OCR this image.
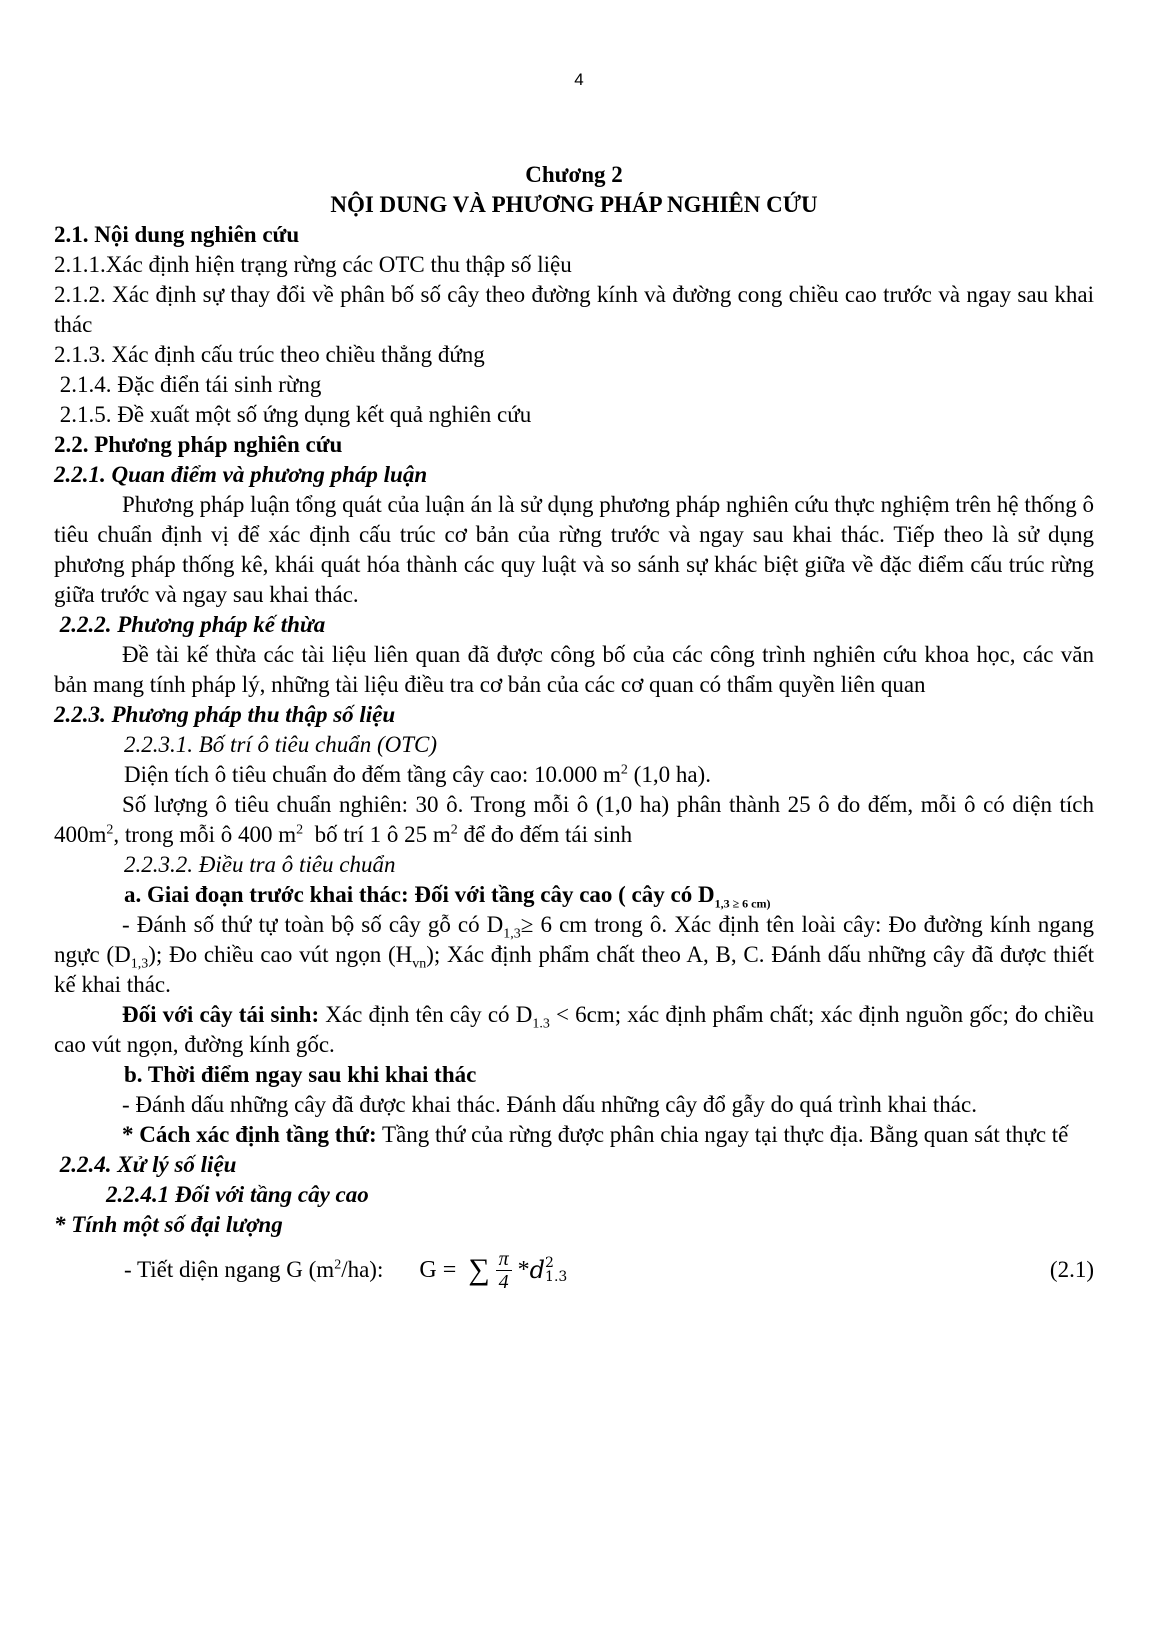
4
Chương 2
NỘI DUNG VÀ PHƯƠNG PHÁP NGHIÊN CỨU
2.1. Nội dung nghiên cứu
2.1.1.Xác định hiện trạng rừng các OTC thu thập số liệu
2.1.2. Xác định sự thay đổi về phân bố số cây theo đường kính và đường cong chiều cao trước và ngay sau khai thác
2.1.3. Xác định cấu trúc theo chiều thẳng đứng
2.1.4. Đặc điển tái sinh rừng
2.1.5. Đề xuất một số ứng dụng kết quả nghiên cứu
2.2. Phương pháp nghiên cứu
2.2.1. Quan điểm và phương pháp luận
Phương pháp luận tổng quát của luận án là sử dụng phương pháp nghiên cứu thực nghiệm trên hệ thống ô tiêu chuẩn định vị để xác định cấu trúc cơ bản của rừng trước và ngay sau khai thác. Tiếp theo là sử dụng phương pháp thống kê, khái quát hóa thành các quy luật và so sánh sự khác biệt giữa về đặc điểm cấu trúc rừng giữa trước và ngay sau khai thác.
2.2.2. Phương pháp kế thừa
Đề tài kế thừa các tài liệu liên quan đã được công bố của các công trình nghiên cứu khoa học, các văn bản mang tính pháp lý, những tài liệu điều tra cơ bản của các cơ quan có thẩm quyền liên quan
2.2.3. Phương pháp thu thập số liệu
2.2.3.1. Bố trí ô tiêu chuẩn (OTC)
Diện tích ô tiêu chuẩn đo đếm tầng cây cao: 10.000 $m^2$ (1,0 ha).
Số lượng ô tiêu chuẩn nghiên: 30 ô. Trong mỗi ô (1,0 ha) phân thành 25 ô đo đếm, mỗi ô có diện tích $400m^2$, trong mỗi ô 400 $m^2$  bố trí 1 ô 25 $m^2$ để đo đếm tái sinh
2.2.3.2. Điều tra ô tiêu chuẩn
a. Giai đoạn trước khai thác: Đối với tầng cây cao ( cây có $D_{1,3 \ge 6 cm)}$
- Đánh số thứ tự toàn bộ số cây gỗ có $D_{1,3}\ge 6$ cm trong ô. Xác định tên loài cây: Đo đường kính ngang ngực $(D_{1,3})$; Đo chiều cao vút ngọn $(H_{vn})$; Xác định phẩm chất theo A, B, C. Đánh dấu những cây đã được thiết kế khai thác.
Đối với cây tái sinh: Xác định tên cây có $D_{1.3} < 6cm$; xác định phẩm chất; xác định nguồn gốc; đo chiều cao vút ngọn, đường kính gốc.
b. Thời điểm ngay sau khi khai thác
- Đánh dấu những cây đã được khai thác. Đánh dấu những cây đổ gẫy do quá trình khai thác.
* Cách xác định tầng thứ: Tầng thứ của rừng được phân chia ngay tại thực địa. Bằng quan sát thực tế
2.2.4. Xử lý số liệu
2.2.4.1 Đối với tầng cây cao
* Tính một số đại lượng
- Tiết diện ngang G $(m^2/ha)$: G = ∑ $\frac{\pi}{4}$ * d 2
1.3	(2.1)
